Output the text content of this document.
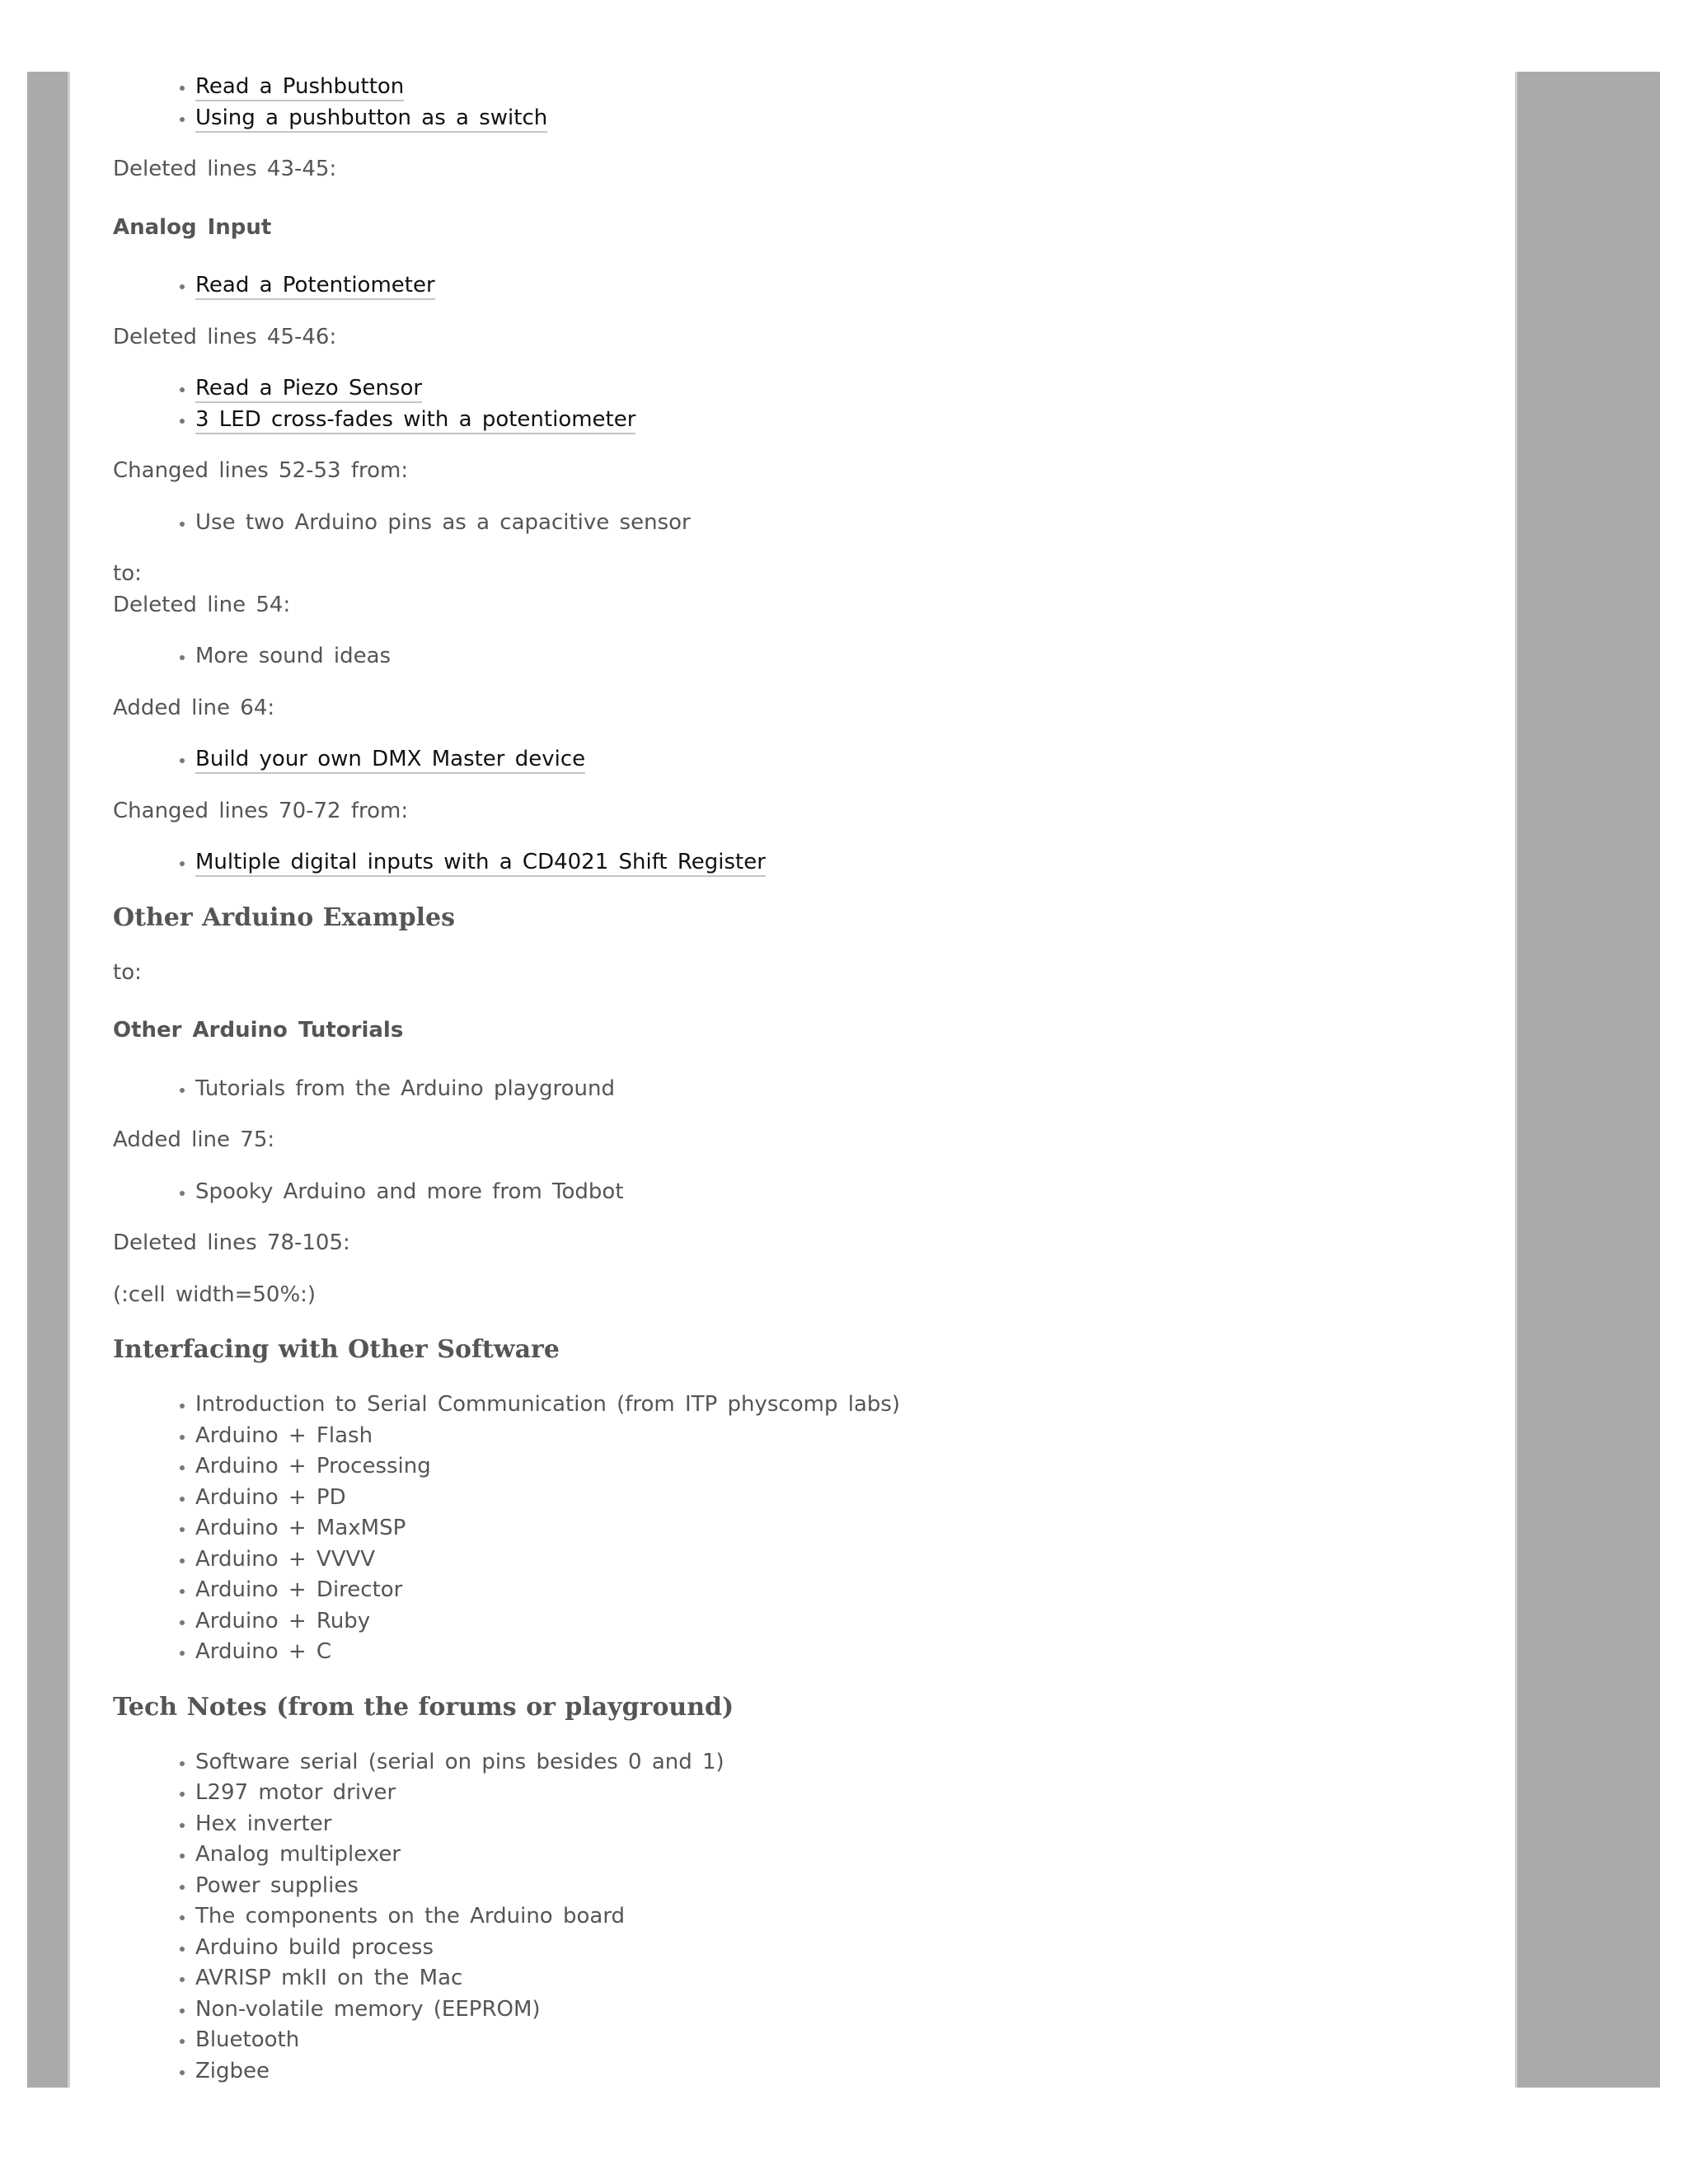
• Read a Pushbutton
• Using a pushbutton as a switch

Deleted lines 43-45:

Analog Input

• Read a Potentiometer

Deleted lines 45-46:

• Read a Piezo Sensor
• 3 LED cross-fades with a potentiometer

Changed lines 52-53 from:

• Use two Arduino pins as a capacitive sensor

to:

Deleted line 54:

• More sound ideas

Added line 64:

• Build your own DMX Master device

Changed lines 70-72 from:

• Multiple digital inputs with a CD4021 Shift Register
Other Arduino Examples

to:

Other Arduino Tutorials

• Tutorials from the Arduino playground

Added line 75:

• Spooky Arduino and more from Todbot

Deleted lines 78-105:

(:cell width=50%:)

Interfacing with Other Software
• Introduction to Serial Communication (from ITP physcomp labs)
• Arduino + Flash
• Arduino + Processing
• Arduino + PD
• Arduino + MaxMSP
• Arduino + VVVV
• Arduino + Director
• Arduino + Ruby
• Arduino + C
Tech Notes (from the forums or playground)
• Software serial (serial on pins besides 0 and 1)
• L297 motor driver
• Hex inverter
• Analog multiplexer
• Power supplies
• The components on the Arduino board
• Arduino build process
• AVRISP mkII on the Mac
• Non-volatile memory (EEPROM)
• Bluetooth
• Zigbee
